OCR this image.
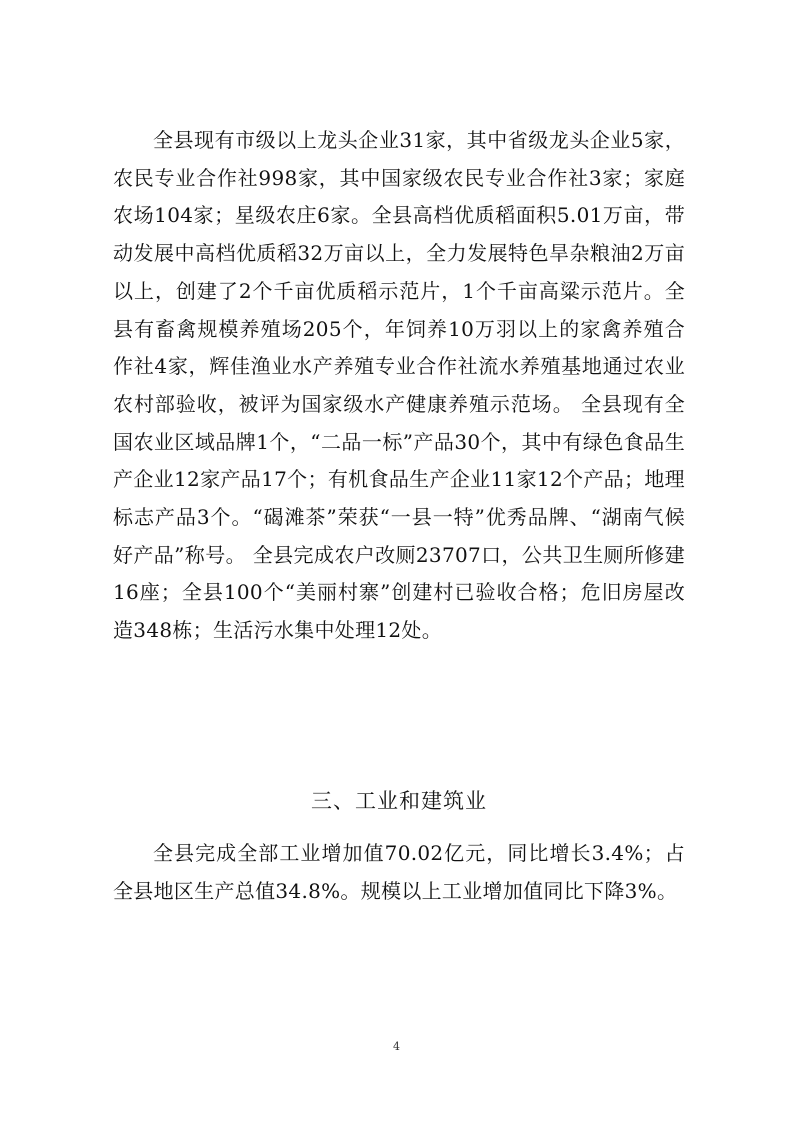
全县现有市级以上龙头企业31家，其中省级龙头企业5家，农民专业合作社998家，其中国家级农民专业合作社3家；家庭农场104家；星级农庄6家。全县高档优质稻面积5.01万亩，带动发展中高档优质稻32万亩以上，全力发展特色旱杂粮油2万亩以上，创建了2个千亩优质稻示范片，1个千亩高粱示范片。全县有畜禽规模养殖场205个，年饲养10万羽以上的家禽养殖合作社4家，辉佳渔业水产养殖专业合作社流水养殖基地通过农业农村部验收，被评为国家级水产健康养殖示范场。 全县现有全国农业区域品牌1个，“二品一标”产品30个，其中有绿色食品生产企业12家产品17个；有机食品生产企业11家12个产品；地理标志产品3个。“碣滩茶”荣获“一县一特”优秀品牌、“湖南气候好产品”称号。 全县完成农户改厕23707口，公共卫生厕所修建16座；全县100个“美丽村寨”创建村已验收合格；危旧房屋改造348栋；生活污水集中处理12处。

三、工业和建筑业

全县完成全部工业增加值70.02亿元，同比增长3.4%；占全县地区生产总值34.8%。规模以上工业增加值同比下降3%。

4
